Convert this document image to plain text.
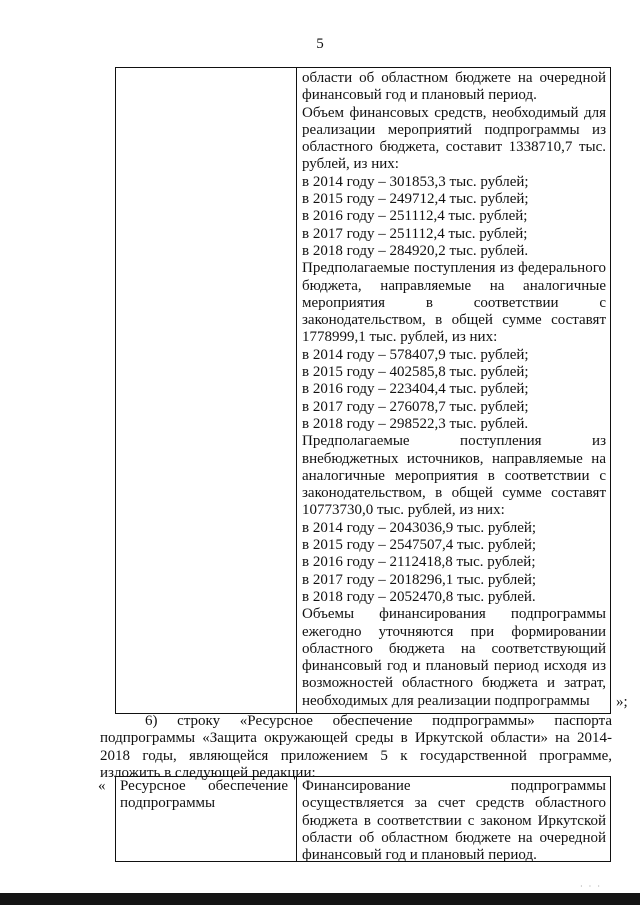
5
области об областном бюджете на очередной финансовый год и плановый период.
Объем финансовых средств, необходимый для реализации мероприятий подпрограммы из областного бюджета, составит 1338710,7 тыс. рублей, из них:
в 2014 году – 301853,3 тыс. рублей;
в 2015 году – 249712,4 тыс. рублей;
в 2016 году – 251112,4 тыс. рублей;
в 2017 году – 251112,4 тыс. рублей;
в 2018 году – 284920,2 тыс. рублей.
Предполагаемые поступления из федерального бюджета, направляемые на аналогичные мероприятия в соответствии с законодательством, в общей сумме составят 1778999,1 тыс. рублей, из них:
в 2014 году – 578407,9 тыс. рублей;
в 2015 году – 402585,8 тыс. рублей;
в 2016 году – 223404,4 тыс. рублей;
в 2017 году – 276078,7 тыс. рублей;
в 2018 году – 298522,3 тыс. рублей.
Предполагаемые поступления из внебюджетных источников, направляемые на аналогичные мероприятия в соответствии с законодательством, в общей сумме составят 10773730,0 тыс. рублей, из них:
в 2014 году – 2043036,9 тыс. рублей;
в 2015 году – 2547507,4 тыс. рублей;
в 2016 году – 2112418,8 тыс. рублей;
в 2017 году – 2018296,1 тыс. рублей;
в 2018 году – 2052470,8 тыс. рублей.
Объемы финансирования подпрограммы ежегодно уточняются при формировании областного бюджета на соответствующий финансовый год и плановый период исходя из возможностей областного бюджета и затрат, необходимых для реализации подпрограммы	»;
6) строку «Ресурсное обеспечение подпрограммы» паспорта подпрограммы «Защита окружающей среды в Иркутской области» на 2014-2018 годы, являющейся приложением 5 к государственной программе, изложить в следующей редакции:
« Ресурсное обеспечение подпрограммы
Финансирование подпрограммы осуществляется за счет средств областного бюджета в соответствии с законом Иркутской области об областном бюджете на очередной финансовый год и плановый период.
· · ·
